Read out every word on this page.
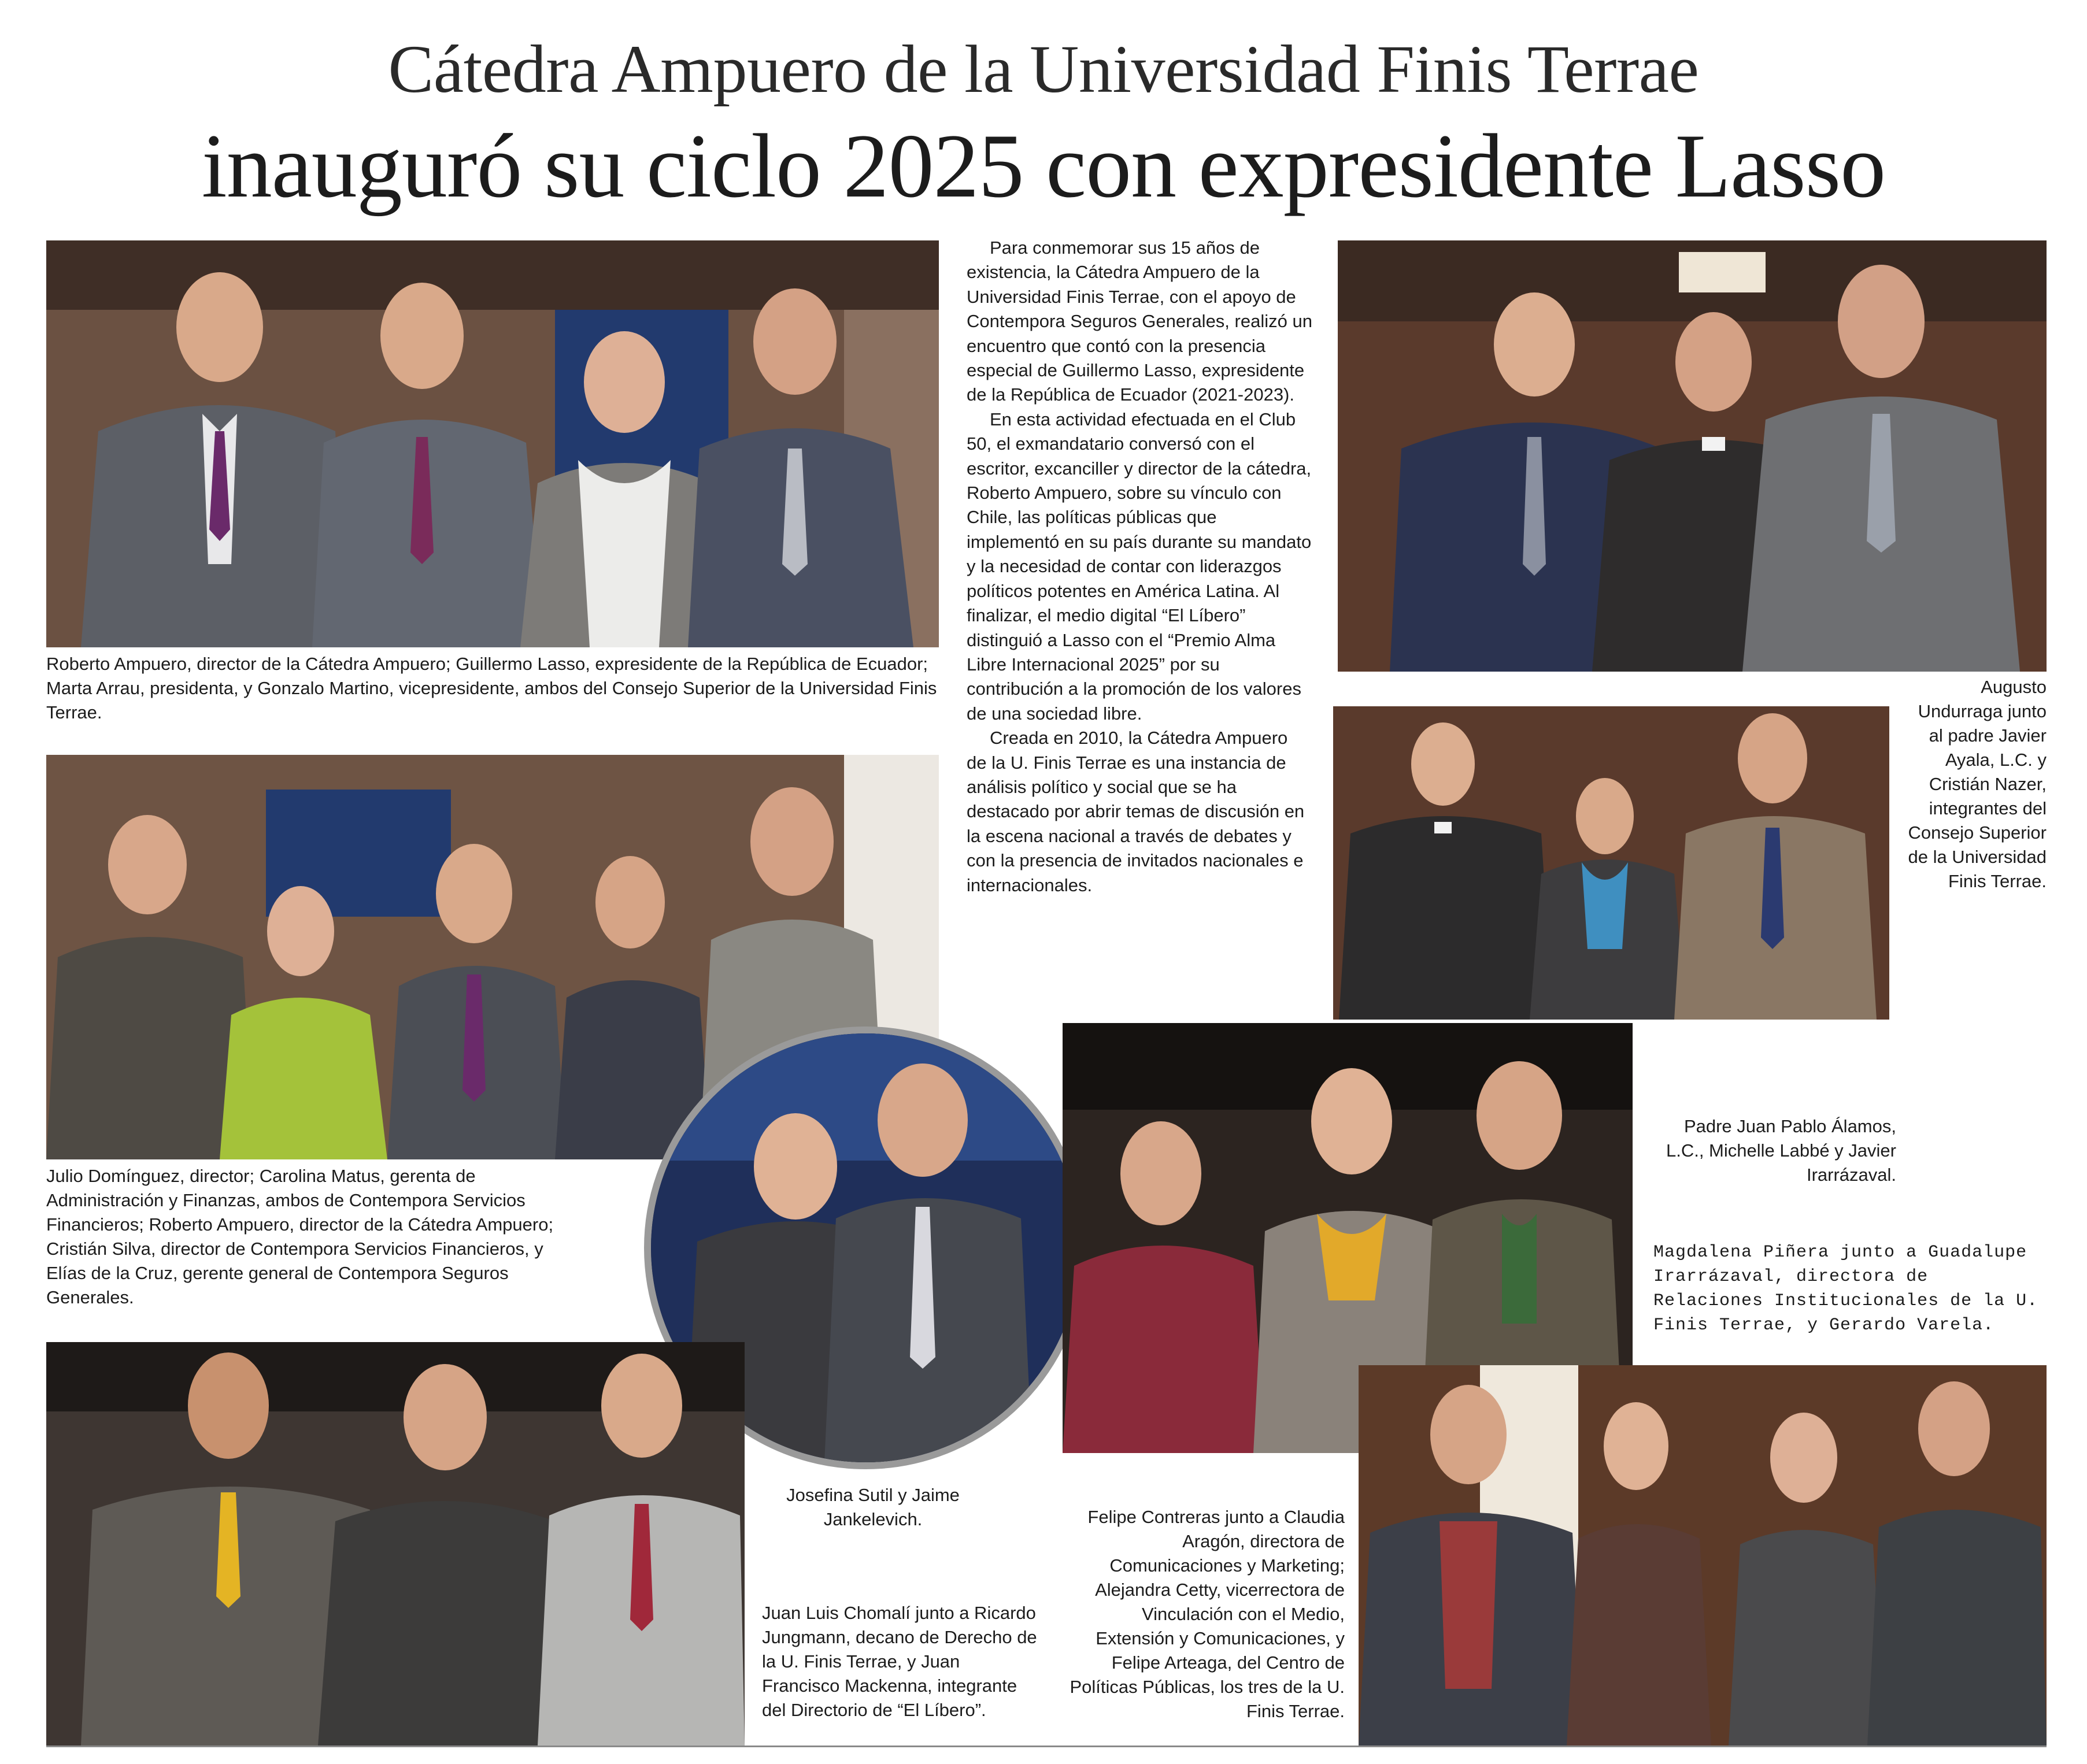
Cátedra Ampuero de la Universidad Finis Terrae
inauguró su ciclo 2025 con expresidente Lasso
Roberto Ampuero, director de la Cátedra Ampuero; Guillermo Lasso, expresidente de la República de Ecuador; Marta Arrau, presidenta, y Gonzalo Martino, vicepresidente, ambos del Consejo Superior de la Universidad Finis Terrae.

Para conmemorar sus 15 años de existencia, la Cátedra Ampuero de la Universidad Finis Terrae, con el apoyo de Contempora Seguros Generales, realizó un encuentro que contó con la presencia especial de Guillermo Lasso, expresidente de la República de Ecuador (2021-2023).

En esta actividad efectuada en el Club 50, el exmandatario conversó con el escritor, excanciller y director de la cátedra, Roberto Ampuero, sobre su vínculo con Chile, las políticas públicas que implementó en su país durante su mandato y la necesidad de contar con liderazgos políticos potentes en América Latina. Al finalizar, el medio digital “El Líbero” distinguió a Lasso con el “Premio Alma Libre Internacional 2025” por su contribución a la promoción de los valores de una sociedad libre.

Creada en 2010, la Cátedra Ampuero de la U. Finis Terrae es una instancia de análisis político y social que se ha destacado por abrir temas de discusión en la escena nacional a través de debates y con la presencia de invitados nacionales e internacionales.

Augusto Undurraga junto al padre Javier Ayala, L.C. y Cristián Nazer, integrantes del Consejo Superior de la Universidad Finis Terrae.
Julio Domínguez, director; Carolina Matus, gerenta de Administración y Finanzas, ambos de Contempora Servicios Financieros; Roberto Ampuero, director de la Cátedra Ampuero; Cristián Silva, director de Contempora Servicios Financieros, y Elías de la Cruz, gerente general de Contempora Seguros Generales.
Padre Juan Pablo Álamos, L.C., Michelle Labbé y Javier Irarrázaval.
Josefina Sutil y Jaime Jankelevich.
Magdalena Piñera junto a Guadalupe Irarrázaval, directora de Relaciones Institucionales de la U. Finis Terrae, y Gerardo Varela.
Juan Luis Chomalí junto a Ricardo Jungmann, decano de Derecho de la U. Finis Terrae, y Juan Francisco Mackenna, integrante del Directorio de “El Líbero”.
Felipe Contreras junto a Claudia Aragón, directora de Comunicaciones y Marketing; Alejandra Cetty, vicerrectora de Vinculación con el Medio, Extensión y Comunicaciones, y Felipe Arteaga, del Centro de Políticas Públicas, los tres de la U. Finis Terrae.
